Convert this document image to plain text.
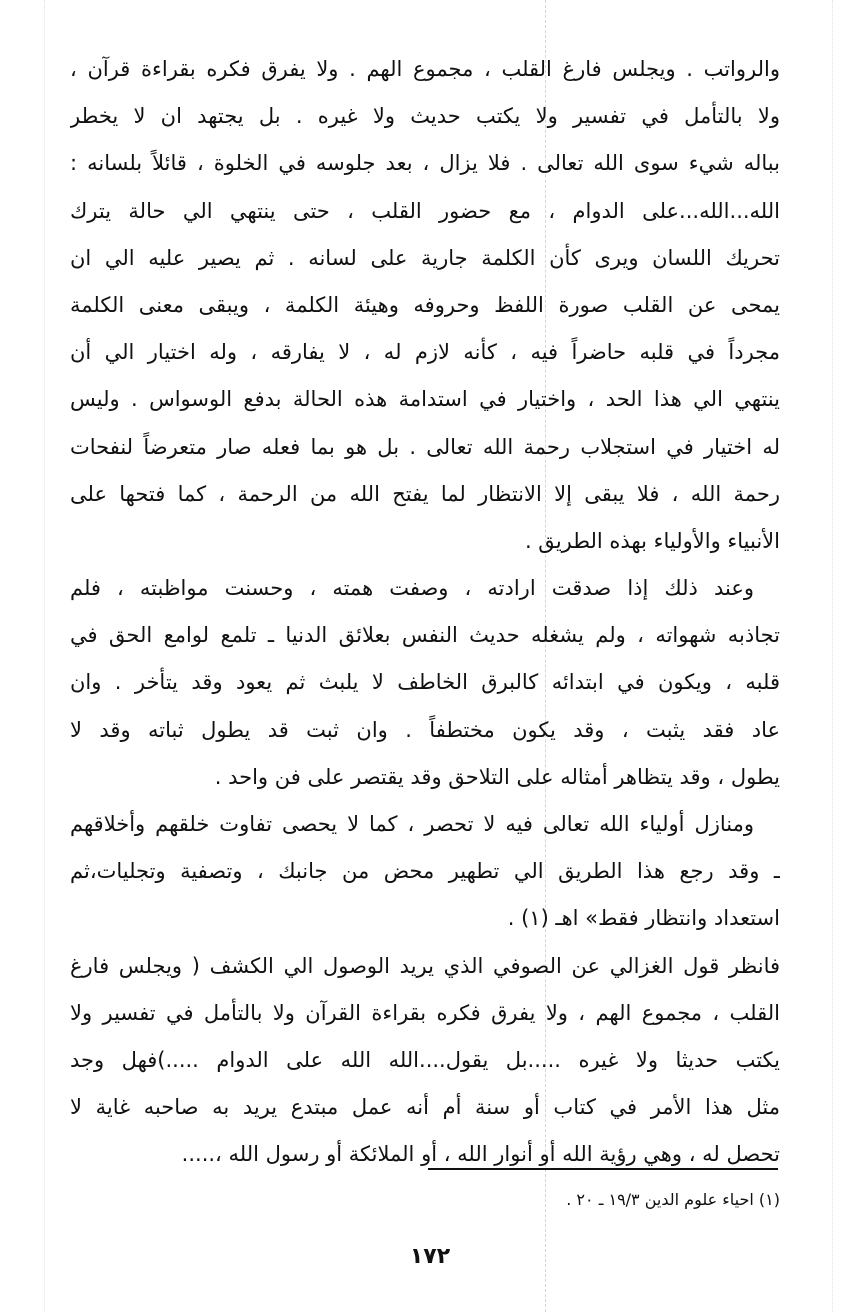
والرواتب . ويجلس فارغ القلب ، مجموع الهم . ولا يفرق فكره بقراءة قرآن ،
ولا بالتأمل في تفسير ولا يكتب حديث ولا غيره . بل يجتهد ان لا يخطر
بباله شيء سوى الله تعالى . فلا يزال ، بعد جلوسه في الخلوة ، قائلاً بلسانه :
الله...الله...على الدوام ، مع حضور القلب ، حتى ينتهي الي حالة يترك
تحريك اللسان ويرى كأن الكلمة جارية على لسانه . ثم يصير عليه الي ان
يمحى عن القلب صورة اللفظ وحروفه وهيئة الكلمة ، ويبقى معنى الكلمة
مجرداً في قلبه حاضراً فيه ، كأنه لازم له ، لا يفارقه ، وله اختيار الي أن
ينتهي الي هذا الحد ، واختيار في استدامة هذه الحالة بدفع الوسواس . وليس
له اختيار في استجلاب رحمة الله تعالى . بل هو بما فعله صار متعرضاً لنفحات
رحمة الله ، فلا يبقى إلا الانتظار لما يفتح الله من الرحمة ، كما فتحها على
الأنبياء والأولياء بهذه الطريق .
وعند ذلك إذا صدقت ارادته ، وصفت همته ، وحسنت مواظبته ، فلم
تجاذبه شهواته ، ولم يشغله حديث النفس بعلائق الدنيا ـ تلمع لوامع الحق في
قلبه ، ويكون في ابتدائه كالبرق الخاطف لا يلبث ثم يعود وقد يتأخر . وان
عاد فقد يثبت ، وقد يكون مختطفاً . وان ثبت قد يطول ثباته وقد لا
يطول ، وقد يتظاهر أمثاله على التلاحق وقد يقتصر على فن واحد .
ومنازل أولياء الله تعالى فيه لا تحصر ، كما لا يحصى تفاوت خلقهم وأخلاقهم
ـ وقد رجع هذا الطريق الي تطهير محض من جانبك ، وتصفية وتجليات،ثم
استعداد وانتظار فقط» اهـ (١) .
فانظر قول الغزالي عن الصوفي الذي يريد الوصول الي الكشف ( ويجلس فارغ
القلب ، مجموع الهم ، ولا يفرق فكره بقراءة القرآن ولا بالتأمل في تفسير ولا
يكتب حديثا ولا غيره .....بل يقول....الله الله على الدوام .....)فهل وجد
مثل هذا الأمر في كتاب أو سنة أم أنه عمل مبتدع يريد به صاحبه غاية لا
تحصل له ، وهي رؤية الله أو أنوار الله ، أو الملائكة أو رسول الله ،.....
(١) احياء علوم الدين ١٩/٣ ـ ٢٠ .
١٧٢
